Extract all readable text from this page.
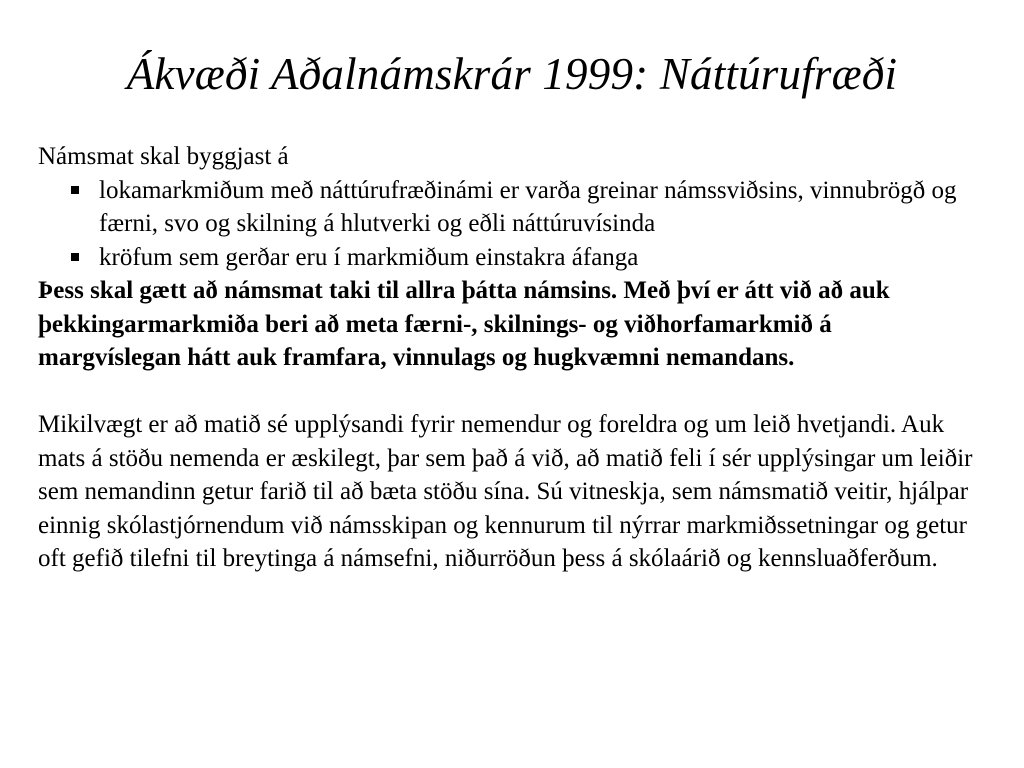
Ákvæði Aðalnámskrár 1999: Náttúrufræði

Námsmat skal byggjast á

lokamarkmiðum með náttúrufræðinámi er varða greinar námssviðsins, vinnubrögð og færni, svo og skilning á hlutverki og eðli náttúruvísinda
kröfum sem gerðar eru í markmiðum einstakra áfanga

Þess skal gætt að námsmat taki til allra þátta námsins. Með því er átt við að auk þekkingarmarkmiða beri að meta færni-, skilnings- og viðhorfamarkmið á margvíslegan hátt auk framfara, vinnulags og hugkvæmni nemandans.

Mikilvægt er að matið sé upplýsandi fyrir nemendur og foreldra og um leið hvetjandi. Auk mats á stöðu nemenda er æskilegt, þar sem það á við, að matið feli í sér upplýsingar um leiðir sem nemandinn getur farið til að bæta stöðu sína. Sú vitneskja, sem námsmatið veitir, hjálpar einnig skólastjórnendum við námsskipan og kennurum til nýrrar markmiðssetningar og getur oft gefið tilefni til breytinga á námsefni, niðurröðun þess á skólaárið og kennsluaðferðum.
